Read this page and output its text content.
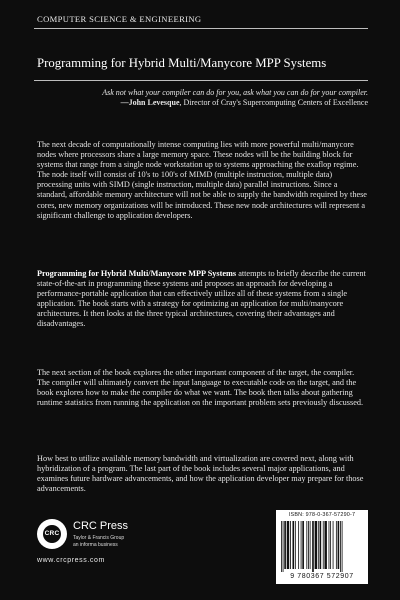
COMPUTER SCIENCE & ENGINEERING
Programming for Hybrid Multi/Manycore MPP Systems
Ask not what your compiler can do for you, ask what you can do for your compiler.
—John Levesque, Director of Cray's Supercomputing Centers of Excellence

The next decade of computationally intense computing lies with more powerful multi/manycore nodes where processors share a large memory space. These nodes will be the building block for systems that range from a single node workstation up to systems approaching the exaflop regime. The node itself will consist of 10's to 100's of MIMD (multiple instruction, multiple data) processing units with SIMD (single instruction, multiple data) parallel instructions. Since a standard, affordable memory architecture will not be able to supply the bandwidth required by these cores, new memory organizations will be introduced. These new node architectures will represent a significant challenge to application developers.

Programming for Hybrid Multi/Manycore MPP Systems attempts to briefly describe the current state-of-the-art in programming these systems and proposes an approach for developing a performance-portable application that can effectively utilize all of these systems from a single application. The book starts with a strategy for optimizing an application for multi/manycore architectures. It then looks at the three typical architectures, covering their advantages and disadvantages.

The next section of the book explores the other important component of the target, the compiler. The compiler will ultimately convert the input language to executable code on the target, and the book explores how to make the compiler do what we want. The book then talks about gathering runtime statistics from running the application on the important problem sets previously discussed.

How best to utilize available memory bandwidth and virtualization are covered next, along with hybridization of a program. The last part of the book includes several major applications, and examines future hardware advancements, and how the application developer may prepare for those advancements.

CRC
CRC Press
Taylor & Francis Group
an informa business
www.crcpress.com
ISBN: 978-0-367-57290-7
9 780367 572907
